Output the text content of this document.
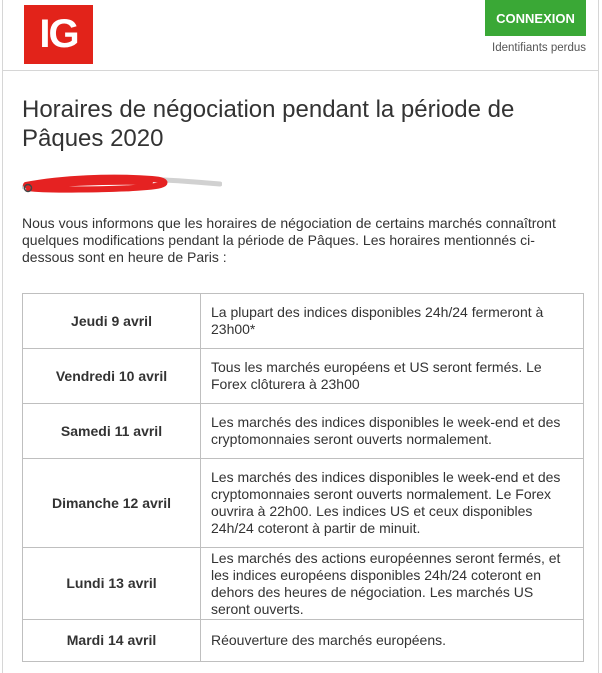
IG	CONNEXION
Identifiants perdus
Horaires de négociation pendant la période de Pâques 2020

Nous vous informons que les horaires de négociation de certains marchés connaîtront quelques modifications pendant la période de Pâques. Les horaires mentionnés ci-dessous sont en heure de Paris :

Jeudi 9 avril	La plupart des indices disponibles 24h/24 fermeront à 23h00*
Vendredi 10 avril	Tous les marchés européens et US seront fermés. Le Forex clôturera à 23h00
Samedi 11 avril	Les marchés des indices disponibles le week-end et des cryptomonnaies seront ouverts normalement.
Dimanche 12 avril	Les marchés des indices disponibles le week-end et des cryptomonnaies seront ouverts normalement. Le Forex ouvrira à 22h00. Les indices US et ceux disponibles 24h/24 coteront à partir de minuit.
Lundi 13 avril	Les marchés des actions européennes seront fermés, et les indices européens disponibles 24h/24 coteront en dehors des heures de négociation. Les marchés US seront ouverts.
Mardi 14 avril	Réouverture des marchés européens.
